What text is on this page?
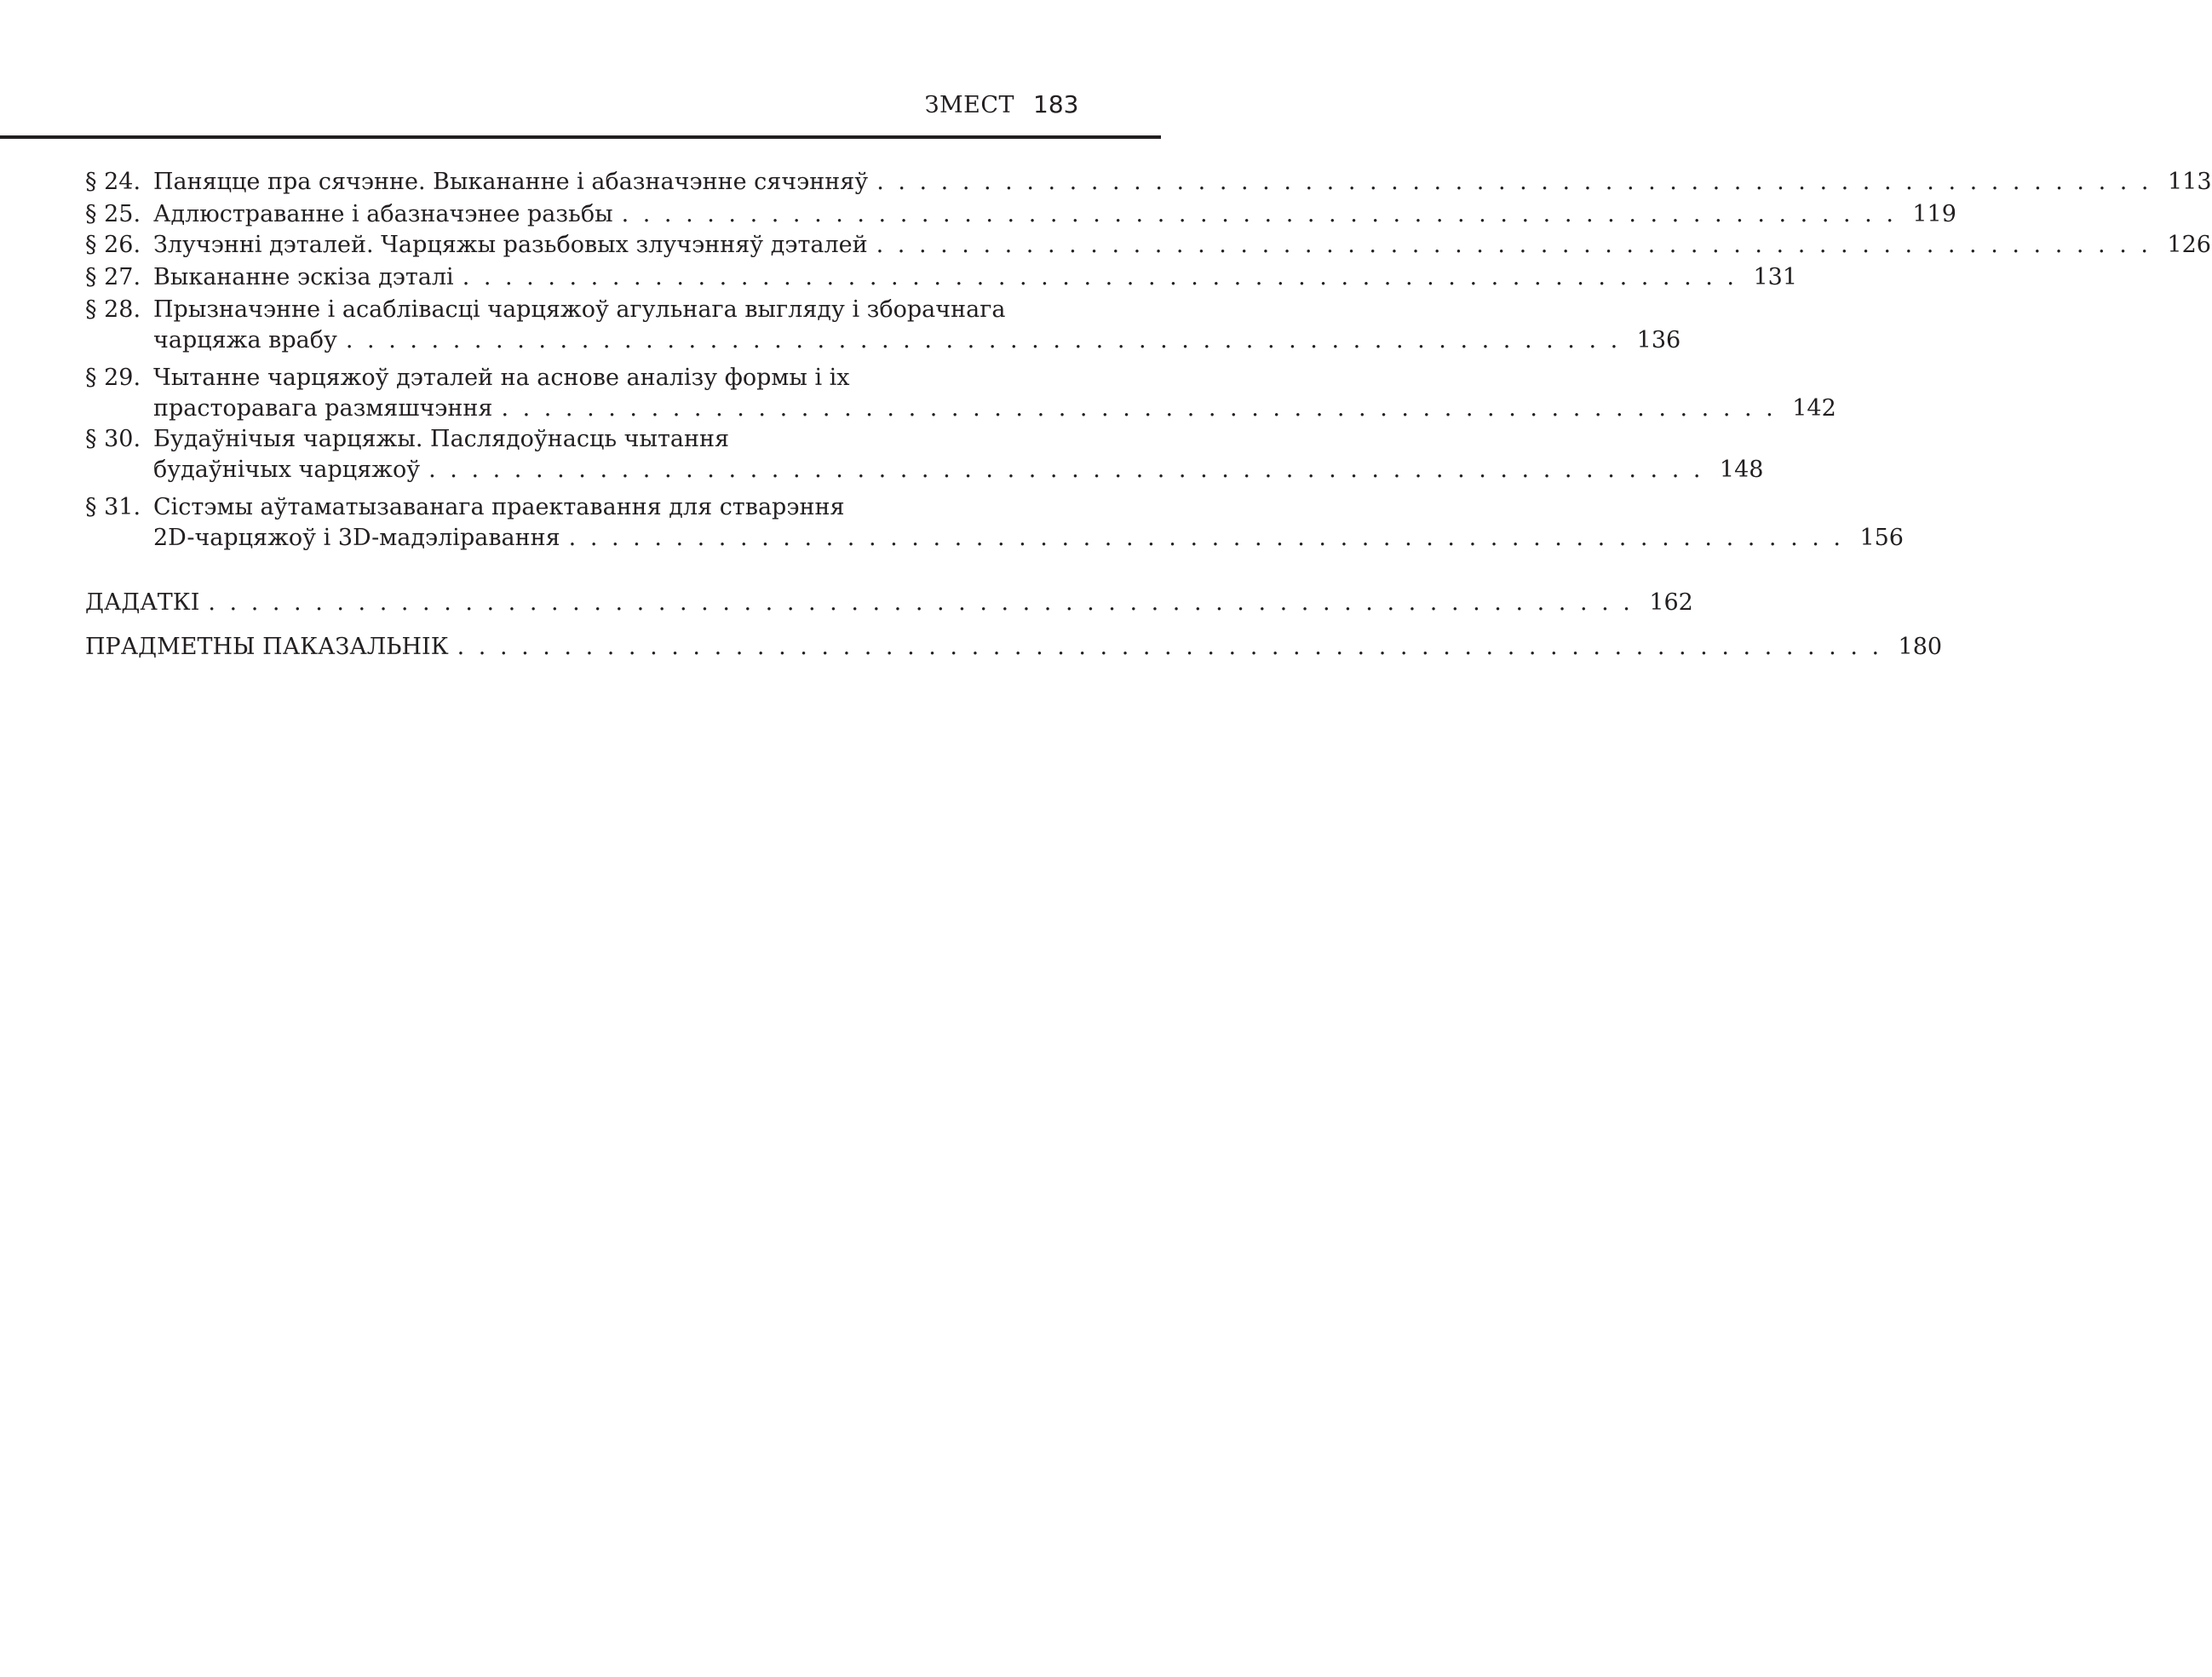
ЗМЕСТ 183
§ 24. Паняцце пра сячэнне. Выкананне і абазначэнне сячэнняў . . . . . . . . . . . . . . . . . . . . . . . . . . . . . . . . . . . . . . . . . . . . . . . . . . . . . . . . . . . . 113
§ 25. Адлюстраванне і абазначэнее разьбы . . . . . . . . . . . . . . . . . . . . . . . . . . . . . . . . . . . . . . . . . . . . . . . . . . . . . . . . . . . . 119
§ 26. Злучэнні дэталей. Чарцяжы разьбовых злучэнняў дэталей . . . . . . . . . . . . . . . . . . . . . . . . . . . . . . . . . . . . . . . . . . . . . . . . . . . . . . . . . . . . 126
§ 27. Выкананне эскіза дэталі . . . . . . . . . . . . . . . . . . . . . . . . . . . . . . . . . . . . . . . . . . . . . . . . . . . . . . . . . . . . 131
§ 28. Прызначэнне і асаблівасці чарцяжоў агульнага выгляду і зборачнага
чарцяжа врабу . . . . . . . . . . . . . . . . . . . . . . . . . . . . . . . . . . . . . . . . . . . . . . . . . . . . . . . . . . . . 136
§ 29. Чытанне чарцяжоў дэталей на аснове аналізу формы і іх
прасторавага размяшчэння . . . . . . . . . . . . . . . . . . . . . . . . . . . . . . . . . . . . . . . . . . . . . . . . . . . . . . . . . . . . 142
§ 30. Будаўнічыя чарцяжы. Паслядоўнасць чытання
будаўнічых чарцяжоў . . . . . . . . . . . . . . . . . . . . . . . . . . . . . . . . . . . . . . . . . . . . . . . . . . . . . . . . . . . . 148
§ 31. Сістэмы аўтаматызаванага праектавання для стварэння
2D-чарцяжоў і 3D-мадэліравання . . . . . . . . . . . . . . . . . . . . . . . . . . . . . . . . . . . . . . . . . . . . . . . . . . . . . . . . . . . . 156
ДАДАТКІ . . . . . . . . . . . . . . . . . . . . . . . . . . . . . . . . . . . . . . . . . . . . . . . . . . . . . . . . . . . . . . . . . . . 162
ПРАДМЕТНЫ ПАКАЗАЛЬНІК . . . . . . . . . . . . . . . . . . . . . . . . . . . . . . . . . . . . . . . . . . . . . . . . . . . . . . . . . . . . . . . . . . . 180
